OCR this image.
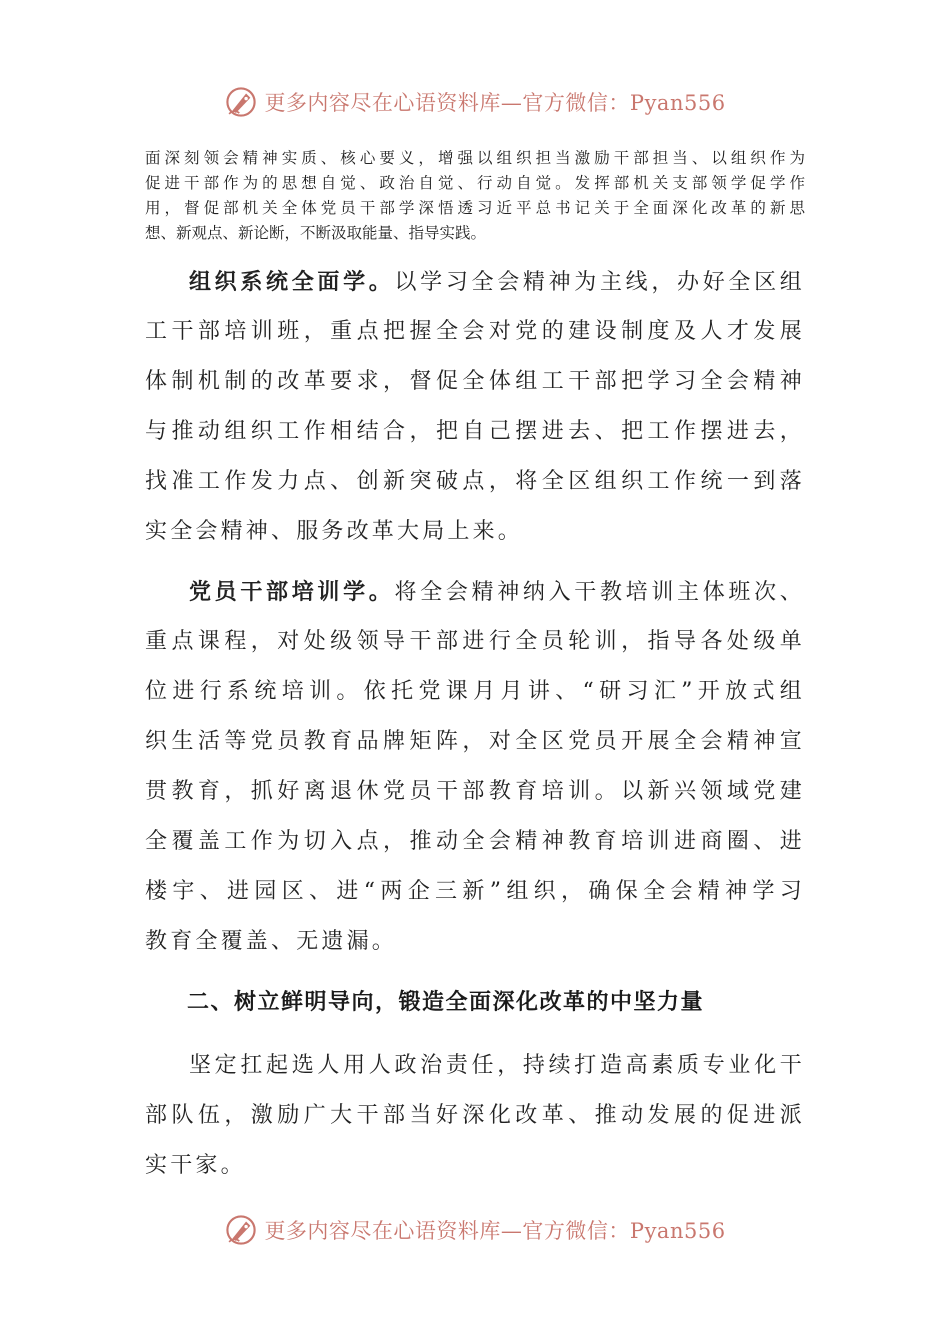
更多内容尽在心语资料库—官方微信：Pyan556
面深刻领会精神实质、核心要义，增强以组织担当激励干部担当、以组织作为
促进干部作为的思想自觉、政治自觉、行动自觉。发挥部机关支部领学促学作
用，督促部机关全体党员干部学深悟透习近平总书记关于全面深化改革的新思
想、新观点、新论断，不断汲取能量、指导实践。
组织系统全面学。以学习全会精神为主线，办好全区组
工干部培训班，重点把握全会对党的建设制度及人才发展
体制机制的改革要求，督促全体组工干部把学习全会精神
与推动组织工作相结合，把自己摆进去、把工作摆进去，
找准工作发力点、创新突破点，将全区组织工作统一到落
实全会精神、服务改革大局上来。
党员干部培训学。将全会精神纳入干教培训主体班次、
重点课程，对处级领导干部进行全员轮训，指导各处级单
位进行系统培训。依托党课月月讲、“研习汇”开放式组
织生活等党员教育品牌矩阵，对全区党员开展全会精神宣
贯教育，抓好离退休党员干部教育培训。以新兴领域党建
全覆盖工作为切入点，推动全会精神教育培训进商圈、进
楼宇、进园区、进“两企三新”组织，确保全会精神学习
教育全覆盖、无遗漏。
二、树立鲜明导向，锻造全面深化改革的中坚力量
坚定扛起选人用人政治责任，持续打造高素质专业化干
部队伍，激励广大干部当好深化改革、推动发展的促进派
实干家。
更多内容尽在心语资料库—官方微信：Pyan556
